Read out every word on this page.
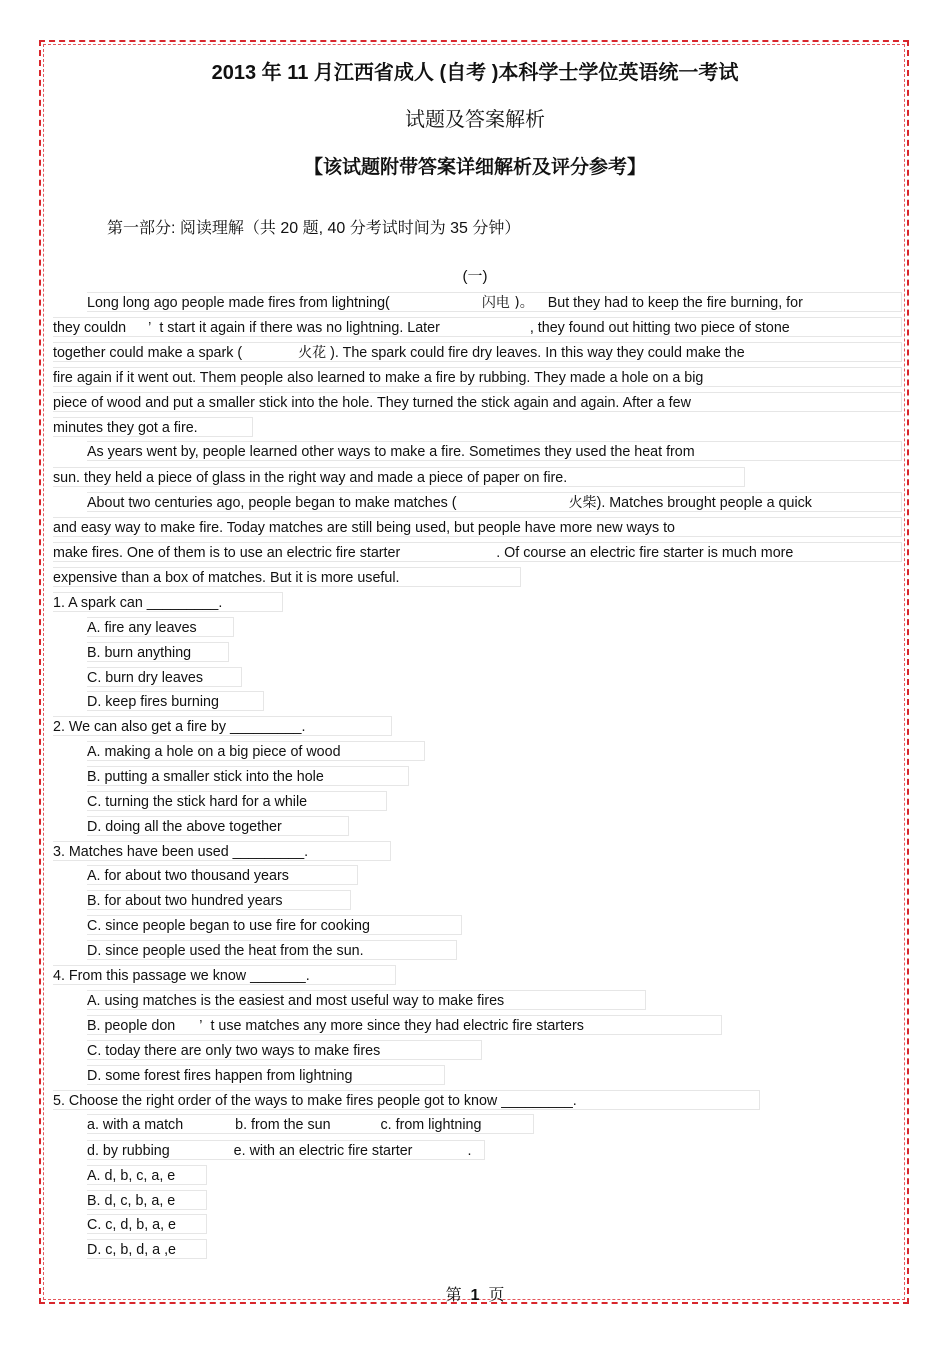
2013 年 11 月江西省成人 (自考 )本科学士学位英语统一考试
试题及答案解析
【该试题附带答案详细解析及评分参考】
第一部分: 阅读理解（共 20 题, 40 分考试时间为 35 分钟）
(一)
Long long ago people made fires from lightning(	闪电 )。 But they had to keep the fire burning, for
they couldn ’ t start it again if there was no lightning. Later	, they found out hitting two piece of stone
together could make a spark (	火花 ). The spark could fire dry leaves. In this way they could make the
fire again if it went out. Them people also learned to make a fire by rubbing. They made a hole on a big
piece of wood and put a smaller stick into the hole. They turned the stick again and again. After a few
minutes they got a fire.
As years went by, people learned other ways to make a fire. Sometimes they used the heat from
sun. they held a piece of glass in the right way and made a piece of paper on fire.
About two centuries ago, people began to make matches (	火柴). Matches brought people a quick
and easy way to make fire. Today matches are still being used, but people have more new ways to
make fires. One of them is to use an electric fire starter	. Of course an electric fire starter is much more
expensive than a box of matches. But it is more useful.
1. A spark can _________.
A. fire any leaves
B. burn anything
C. burn dry leaves
D. keep fires burning
2. We can also get a fire by _________.
A. making a hole on a big piece of wood
B. putting a smaller stick into the hole
C. turning the stick hard for a while
D. doing all the above together
3. Matches have been used _________.
A. for about two thousand years
B. for about two hundred years
C. since people began to use fire for cooking
D. since people used the heat from the sun.
4. From this passage we know _______.
A. using matches is the easiest and most useful way to make fires
B. people don ’ t use matches any more since they had electric fire starters
C. today there are only two ways to make fires
D. some forest fires happen from lightning
5. Choose the right order of the ways to make fires people got to know _________.
a. with a match	b. from the sun	c. from lightning
d. by rubbing	e. with an electric fire starter	.
A. d, b, c, a, e
B. d, c, b, a, e
C. c, d, b, a, e
D. c, b, d, a ,e
第 1 页
